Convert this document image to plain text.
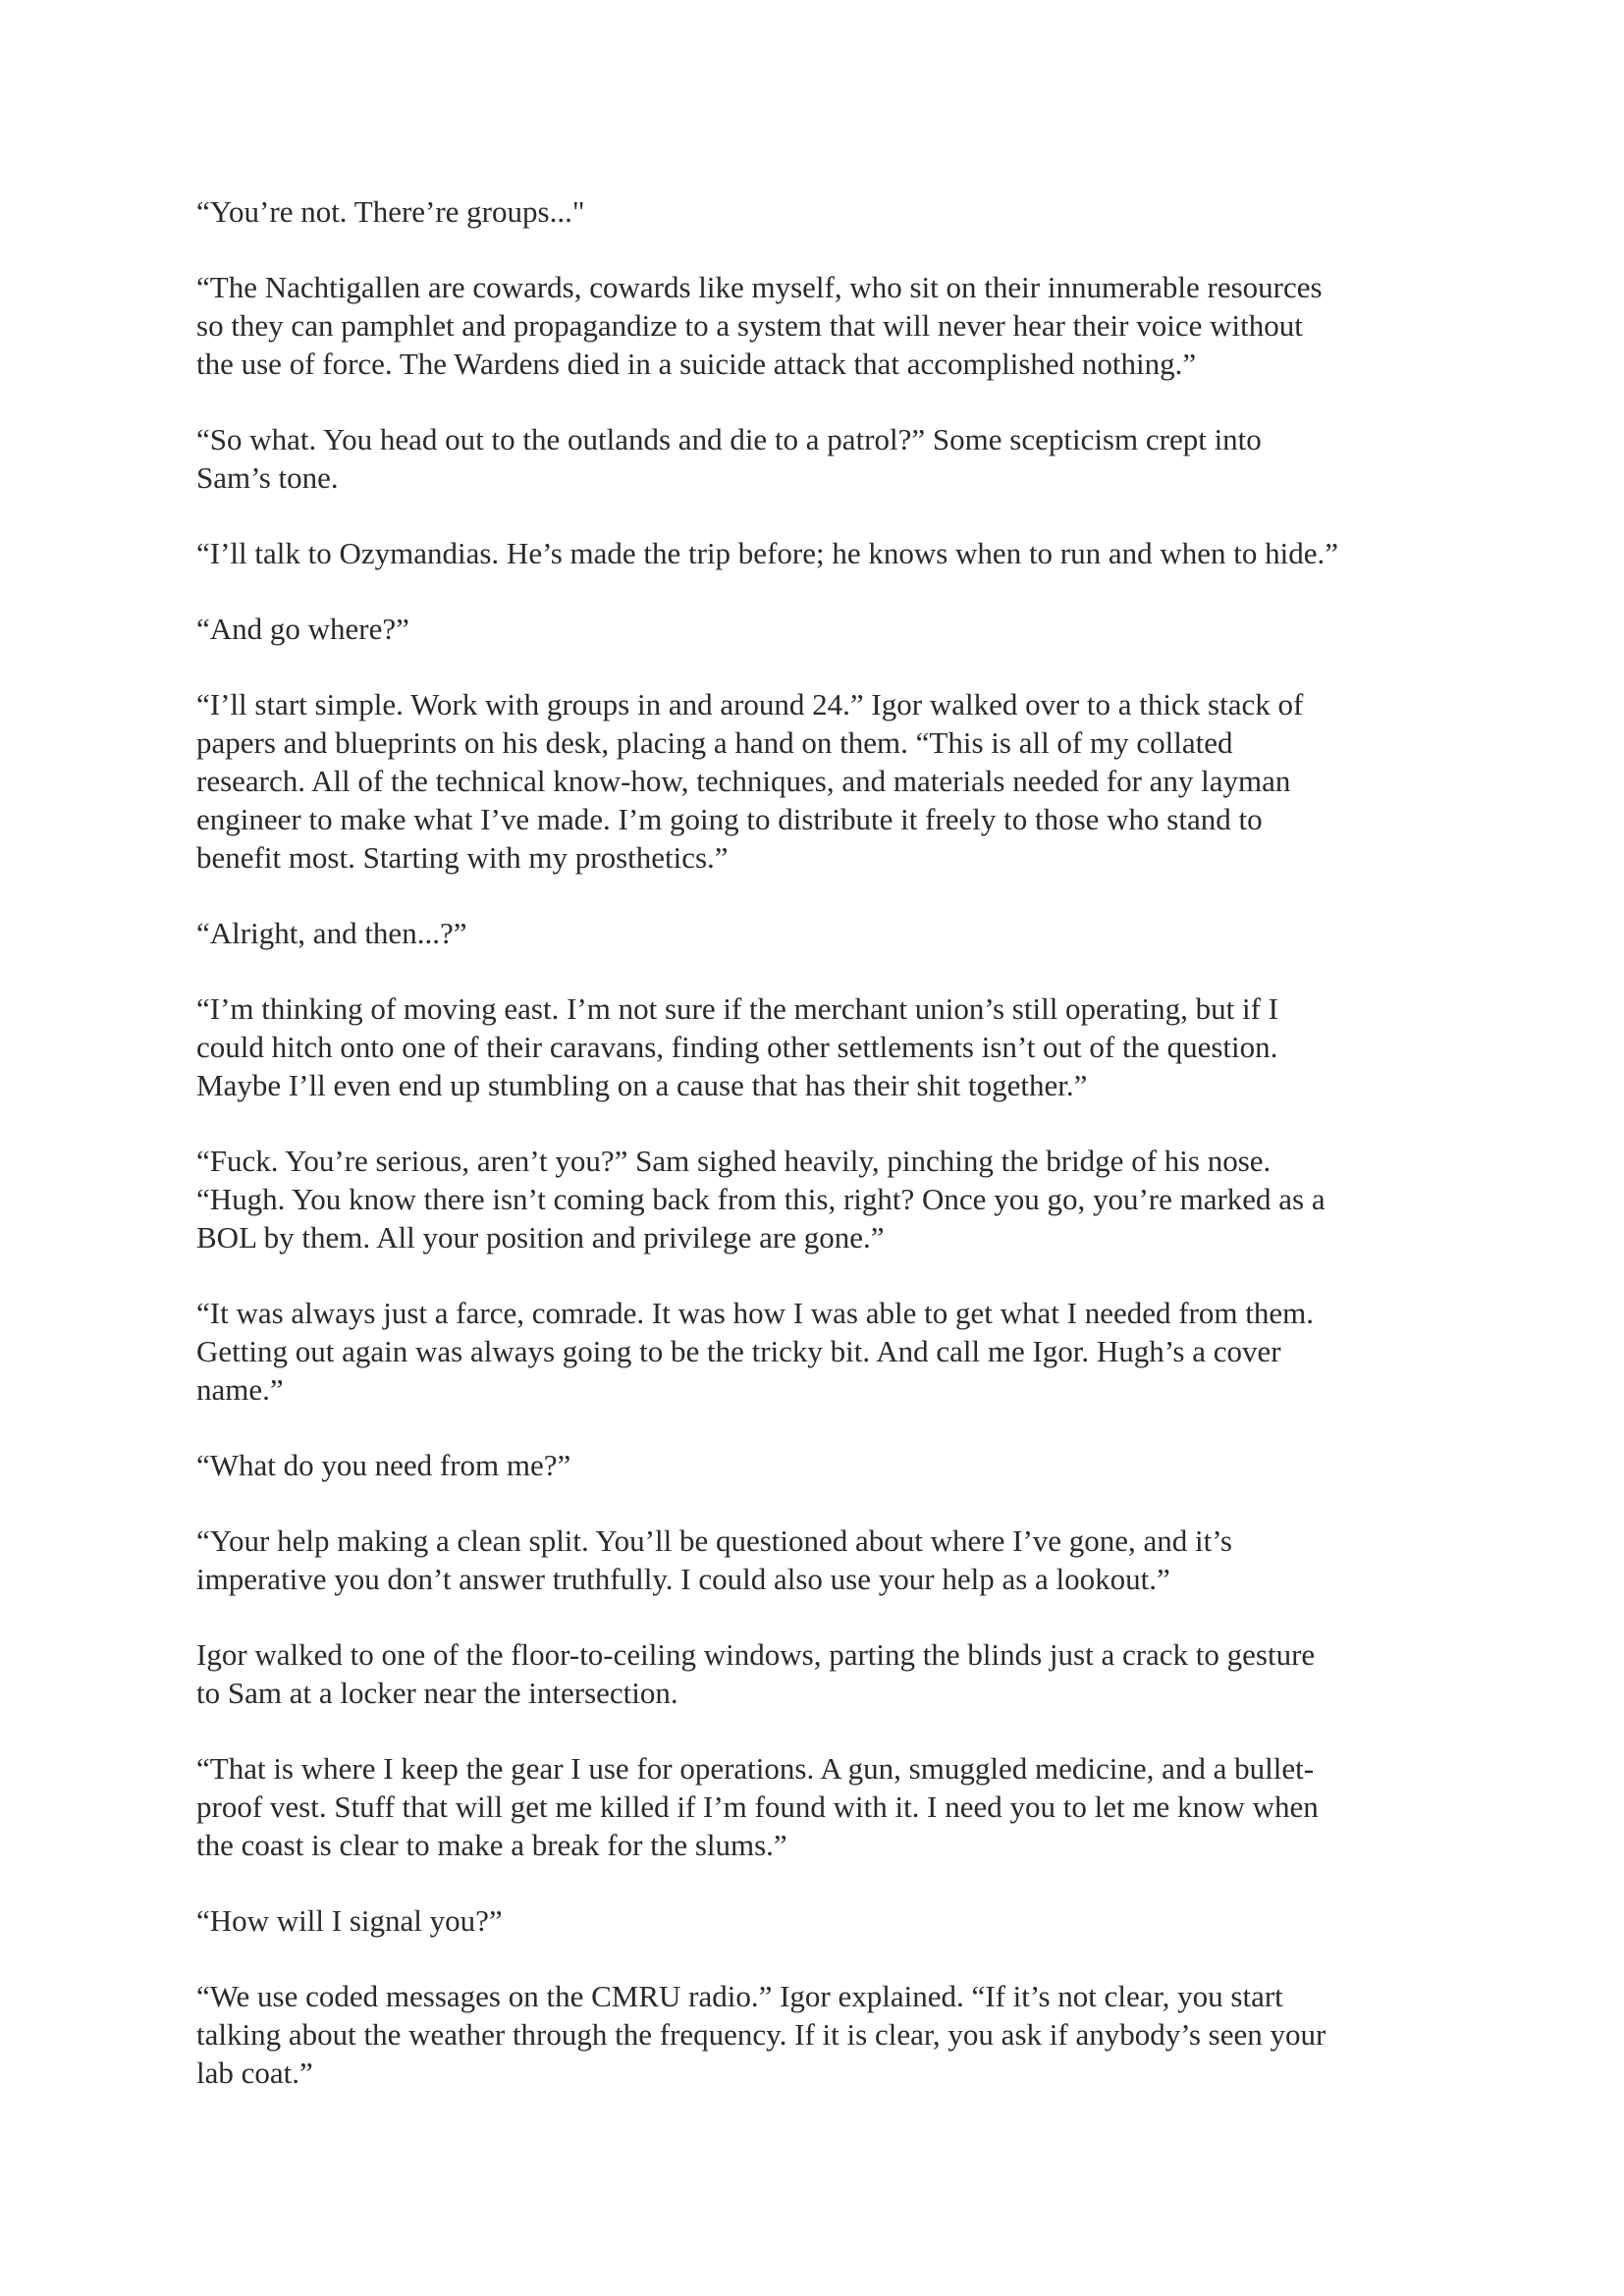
“You’re not. There’re groups..."

“The Nachtigallen are cowards, cowards like myself, who sit on their innumerable resources
so they can pamphlet and propagandize to a system that will never hear their voice without
the use of force. The Wardens died in a suicide attack that accomplished nothing.”

“So what. You head out to the outlands and die to a patrol?” Some scepticism crept into
Sam’s tone.

“I’ll talk to Ozymandias. He’s made the trip before; he knows when to run and when to hide.”

“And go where?”

“I’ll start simple. Work with groups in and around 24.” Igor walked over to a thick stack of
papers and blueprints on his desk, placing a hand on them. “This is all of my collated
research. All of the technical know-how, techniques, and materials needed for any layman
engineer to make what I’ve made. I’m going to distribute it freely to those who stand to
benefit most. Starting with my prosthetics.”

“Alright, and then...?”

“I’m thinking of moving east. I’m not sure if the merchant union’s still operating, but if I
could hitch onto one of their caravans, finding other settlements isn’t out of the question.
Maybe I’ll even end up stumbling on a cause that has their shit together.”

“Fuck. You’re serious, aren’t you?” Sam sighed heavily, pinching the bridge of his nose.
“Hugh. You know there isn’t coming back from this, right? Once you go, you’re marked as a
BOL by them. All your position and privilege are gone.”

“It was always just a farce, comrade. It was how I was able to get what I needed from them.
Getting out again was always going to be the tricky bit. And call me Igor. Hugh’s a cover
name.”

“What do you need from me?”

“Your help making a clean split. You’ll be questioned about where I’ve gone, and it’s
imperative you don’t answer truthfully. I could also use your help as a lookout.”

Igor walked to one of the floor-to-ceiling windows, parting the blinds just a crack to gesture
to Sam at a locker near the intersection.

“That is where I keep the gear I use for operations. A gun, smuggled medicine, and a bullet-
proof vest. Stuff that will get me killed if I’m found with it. I need you to let me know when
the coast is clear to make a break for the slums.”

“How will I signal you?”

“We use coded messages on the CMRU radio.” Igor explained. “If it’s not clear, you start
talking about the weather through the frequency. If it is clear, you ask if anybody’s seen your
lab coat.”
